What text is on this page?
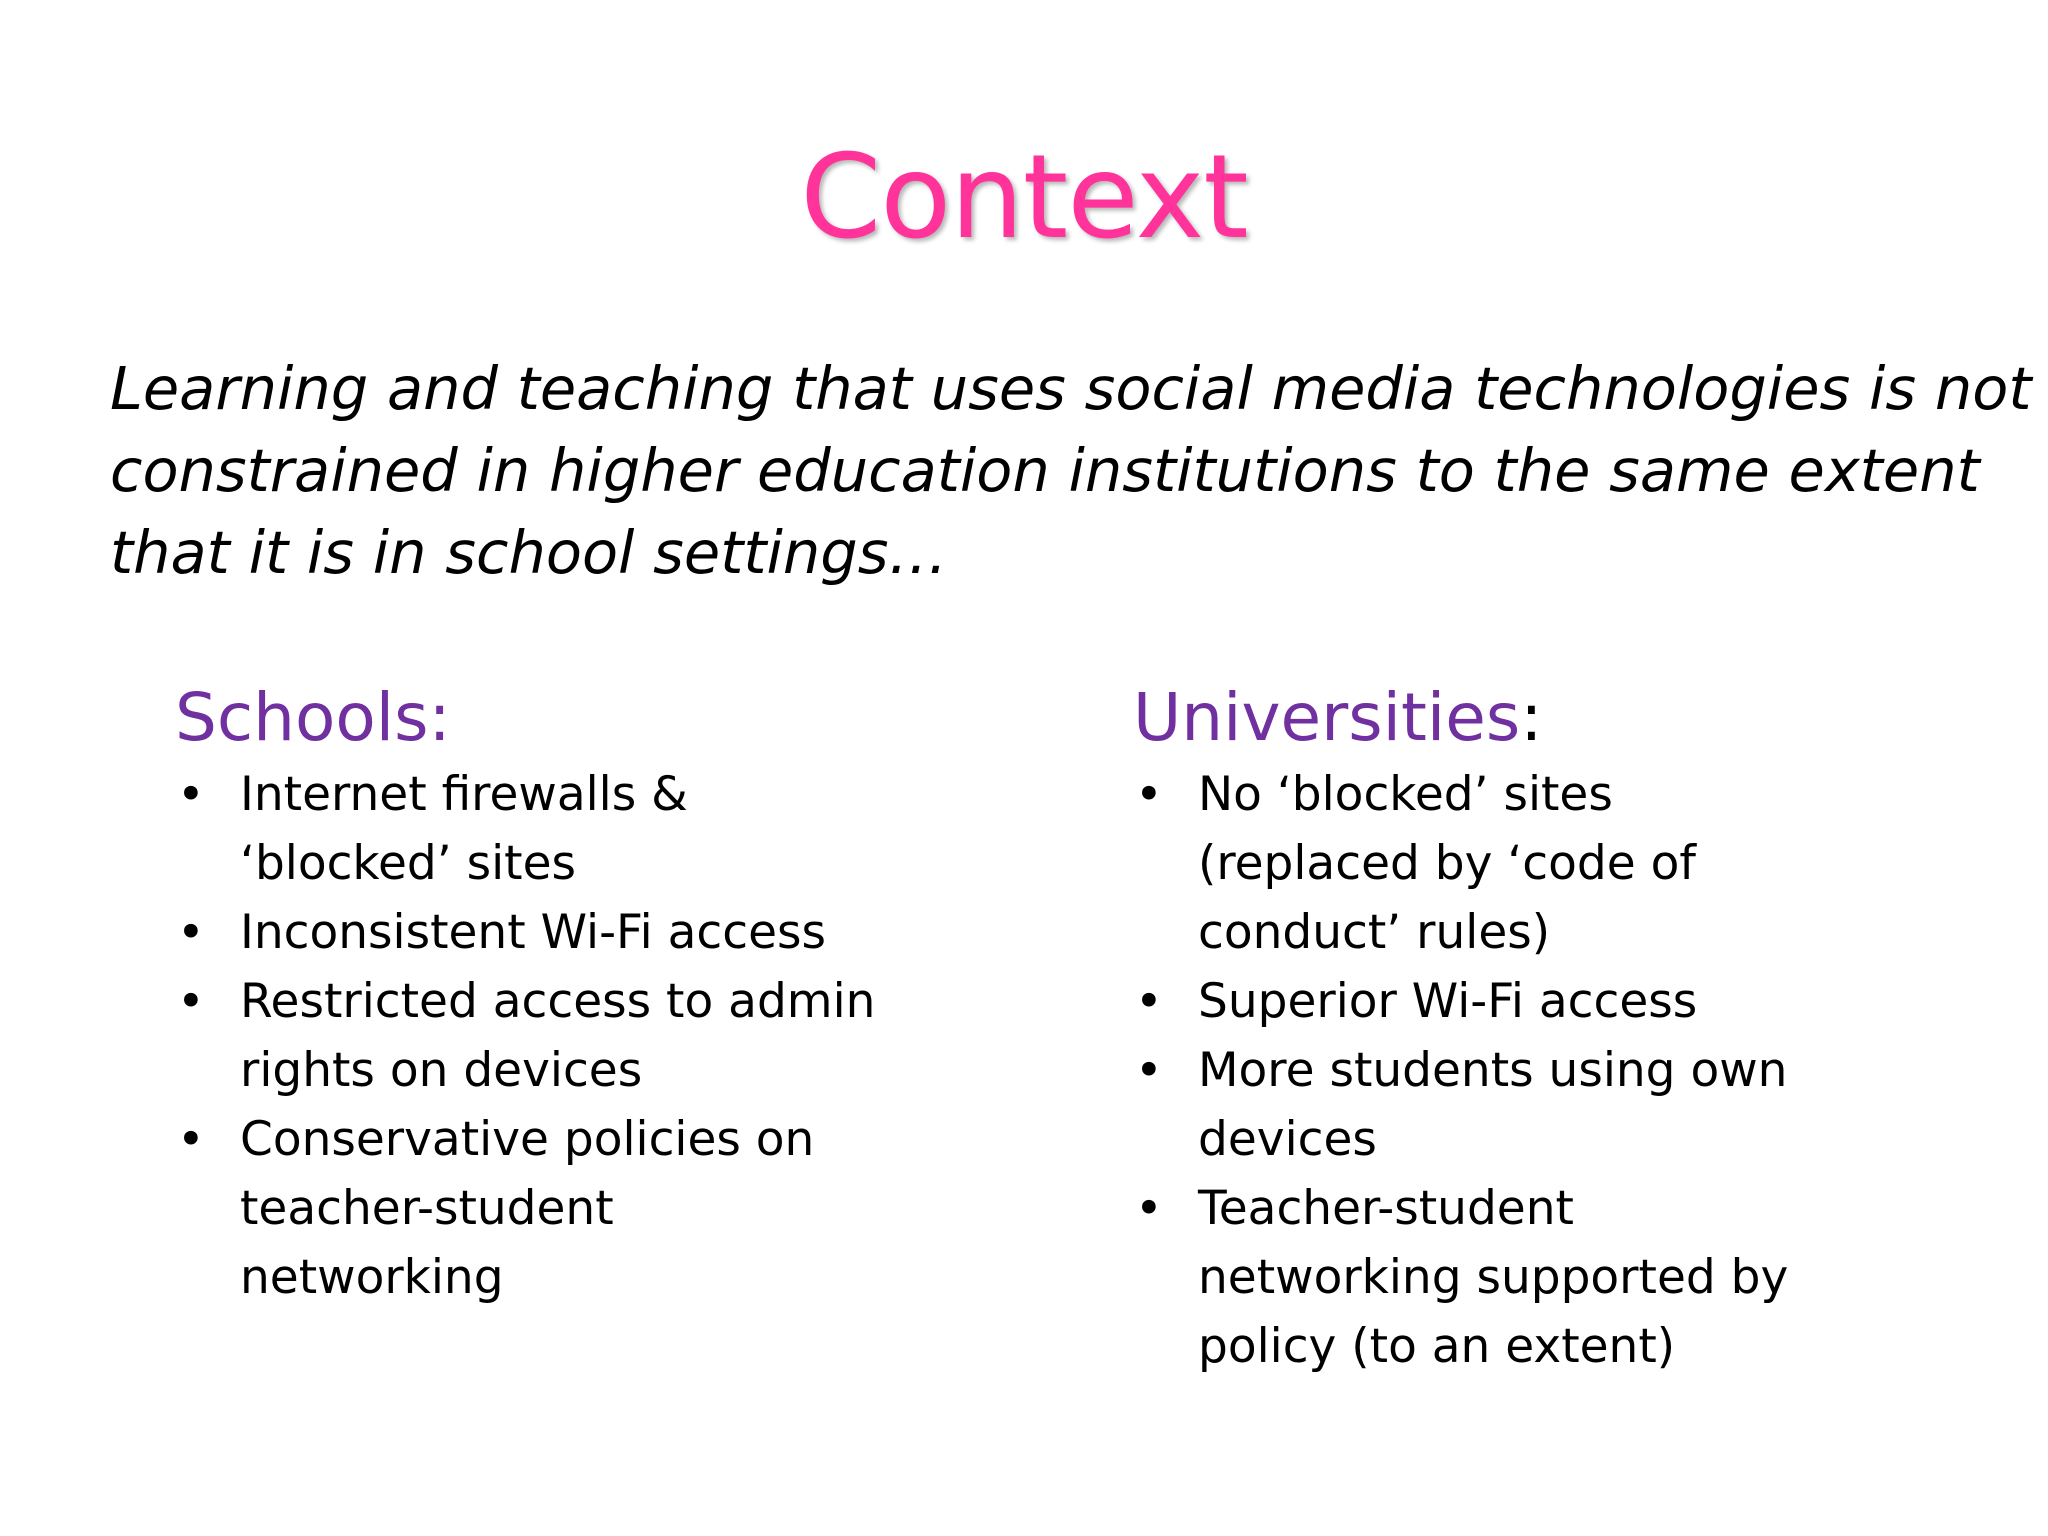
Context
Learning and teaching that uses social media technologies is not
constrained in higher education institutions to the same extent
that it is in school settings…
Schools:
• Internet firewalls &
‘blocked’ sites
• Inconsistent Wi-Fi access
• Restricted access to admin
rights on devices
• Conservative policies on
teacher-student
networking
Universities:
• No ‘blocked’ sites
(replaced by ‘code of
conduct’ rules)
• Superior Wi-Fi access
• More students using own
devices
• Teacher-student
networking supported by
policy (to an extent)
